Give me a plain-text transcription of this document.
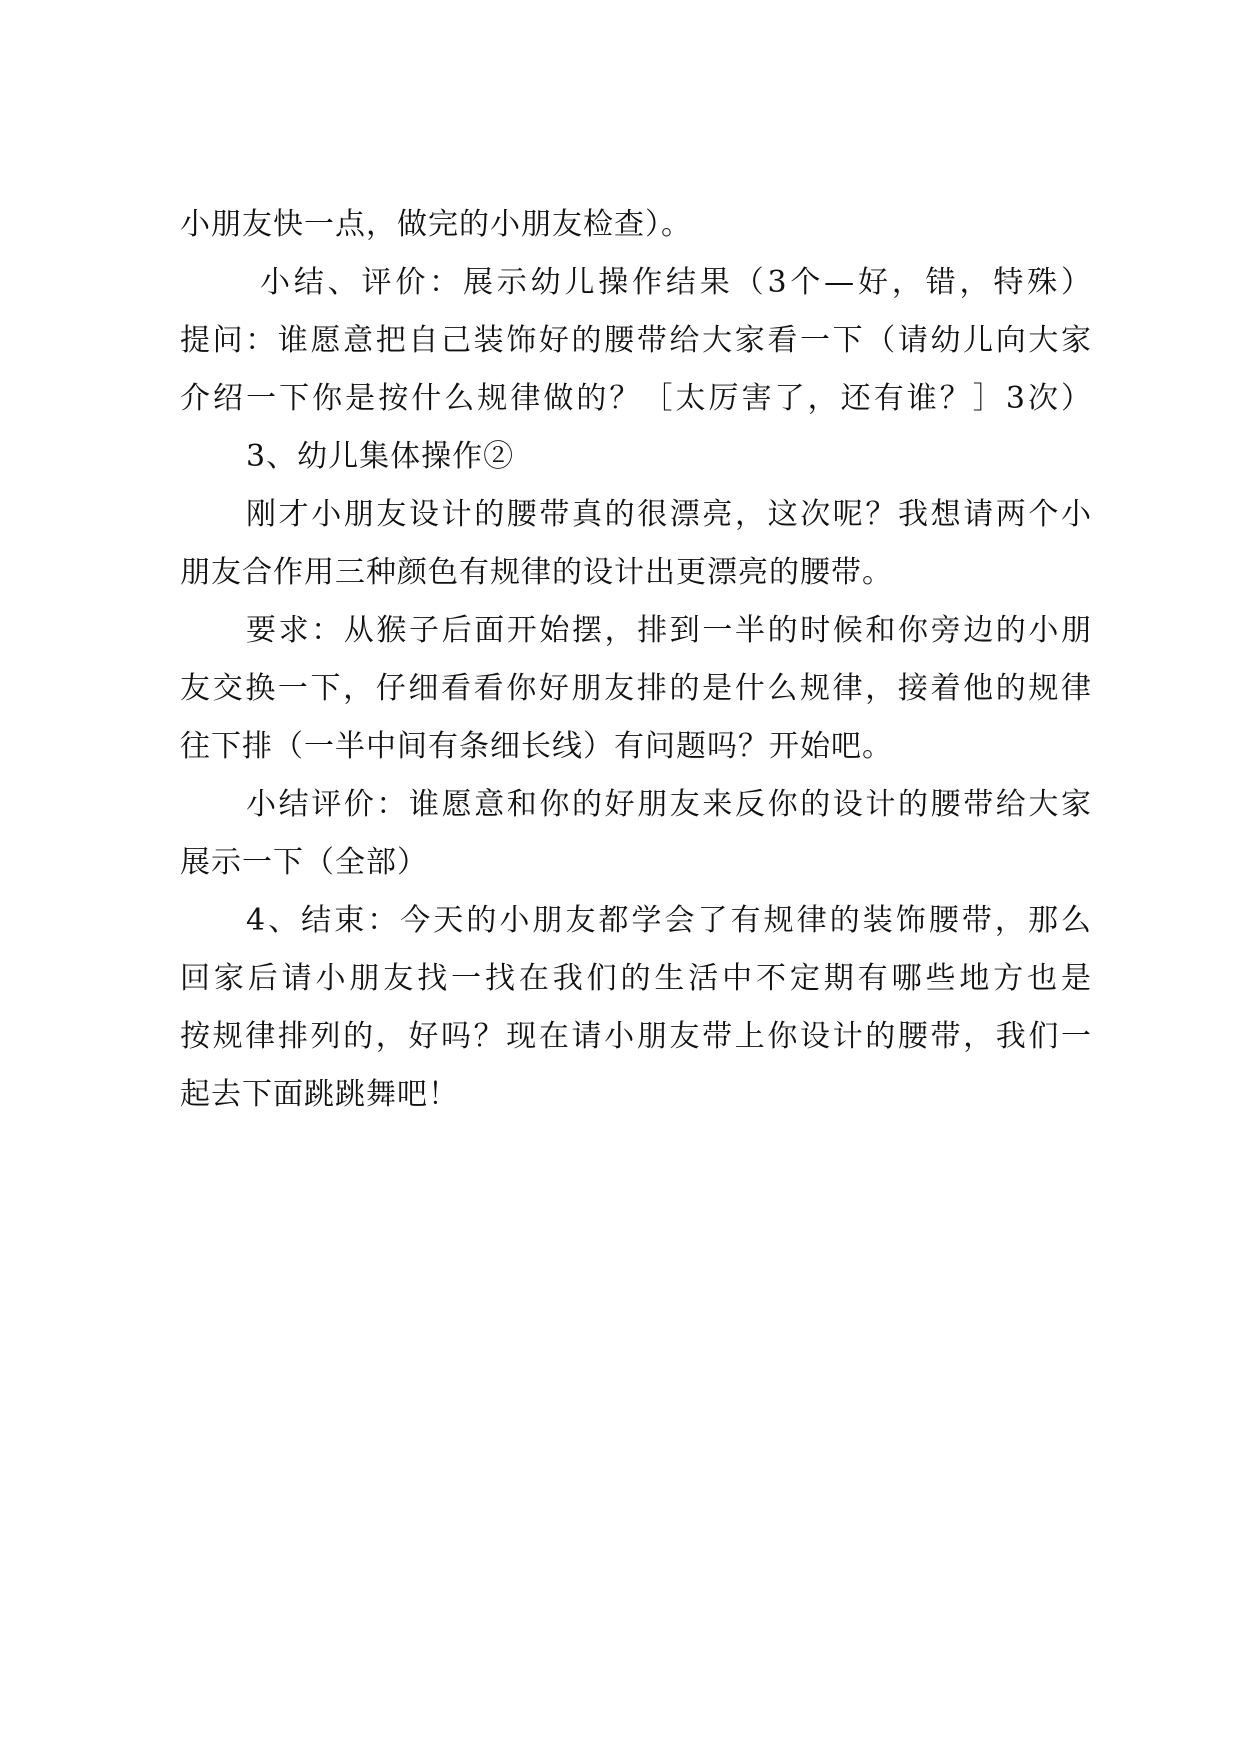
小朋友快一点，做完的小朋友检查）。
小结、评价：展示幼儿操作结果（3个—好，错，特殊）
提问：谁愿意把自己装饰好的腰带给大家看一下（请幼儿向大家
介绍一下你是按什么规律做的？［太厉害了，还有谁？］3次）
3、幼儿集体操作②
刚才小朋友设计的腰带真的很漂亮，这次呢？我想请两个小
朋友合作用三种颜色有规律的设计出更漂亮的腰带。
要求：从猴子后面开始摆，排到一半的时候和你旁边的小朋
友交换一下，仔细看看你好朋友排的是什么规律，接着他的规律
往下排（一半中间有条细长线）有问题吗？开始吧。
小结评价：谁愿意和你的好朋友来反你的设计的腰带给大家
展示一下（全部）
4、结束：今天的小朋友都学会了有规律的装饰腰带，那么
回家后请小朋友找一找在我们的生活中不定期有哪些地方也是
按规律排列的，好吗？现在请小朋友带上你设计的腰带，我们一
起去下面跳跳舞吧！
